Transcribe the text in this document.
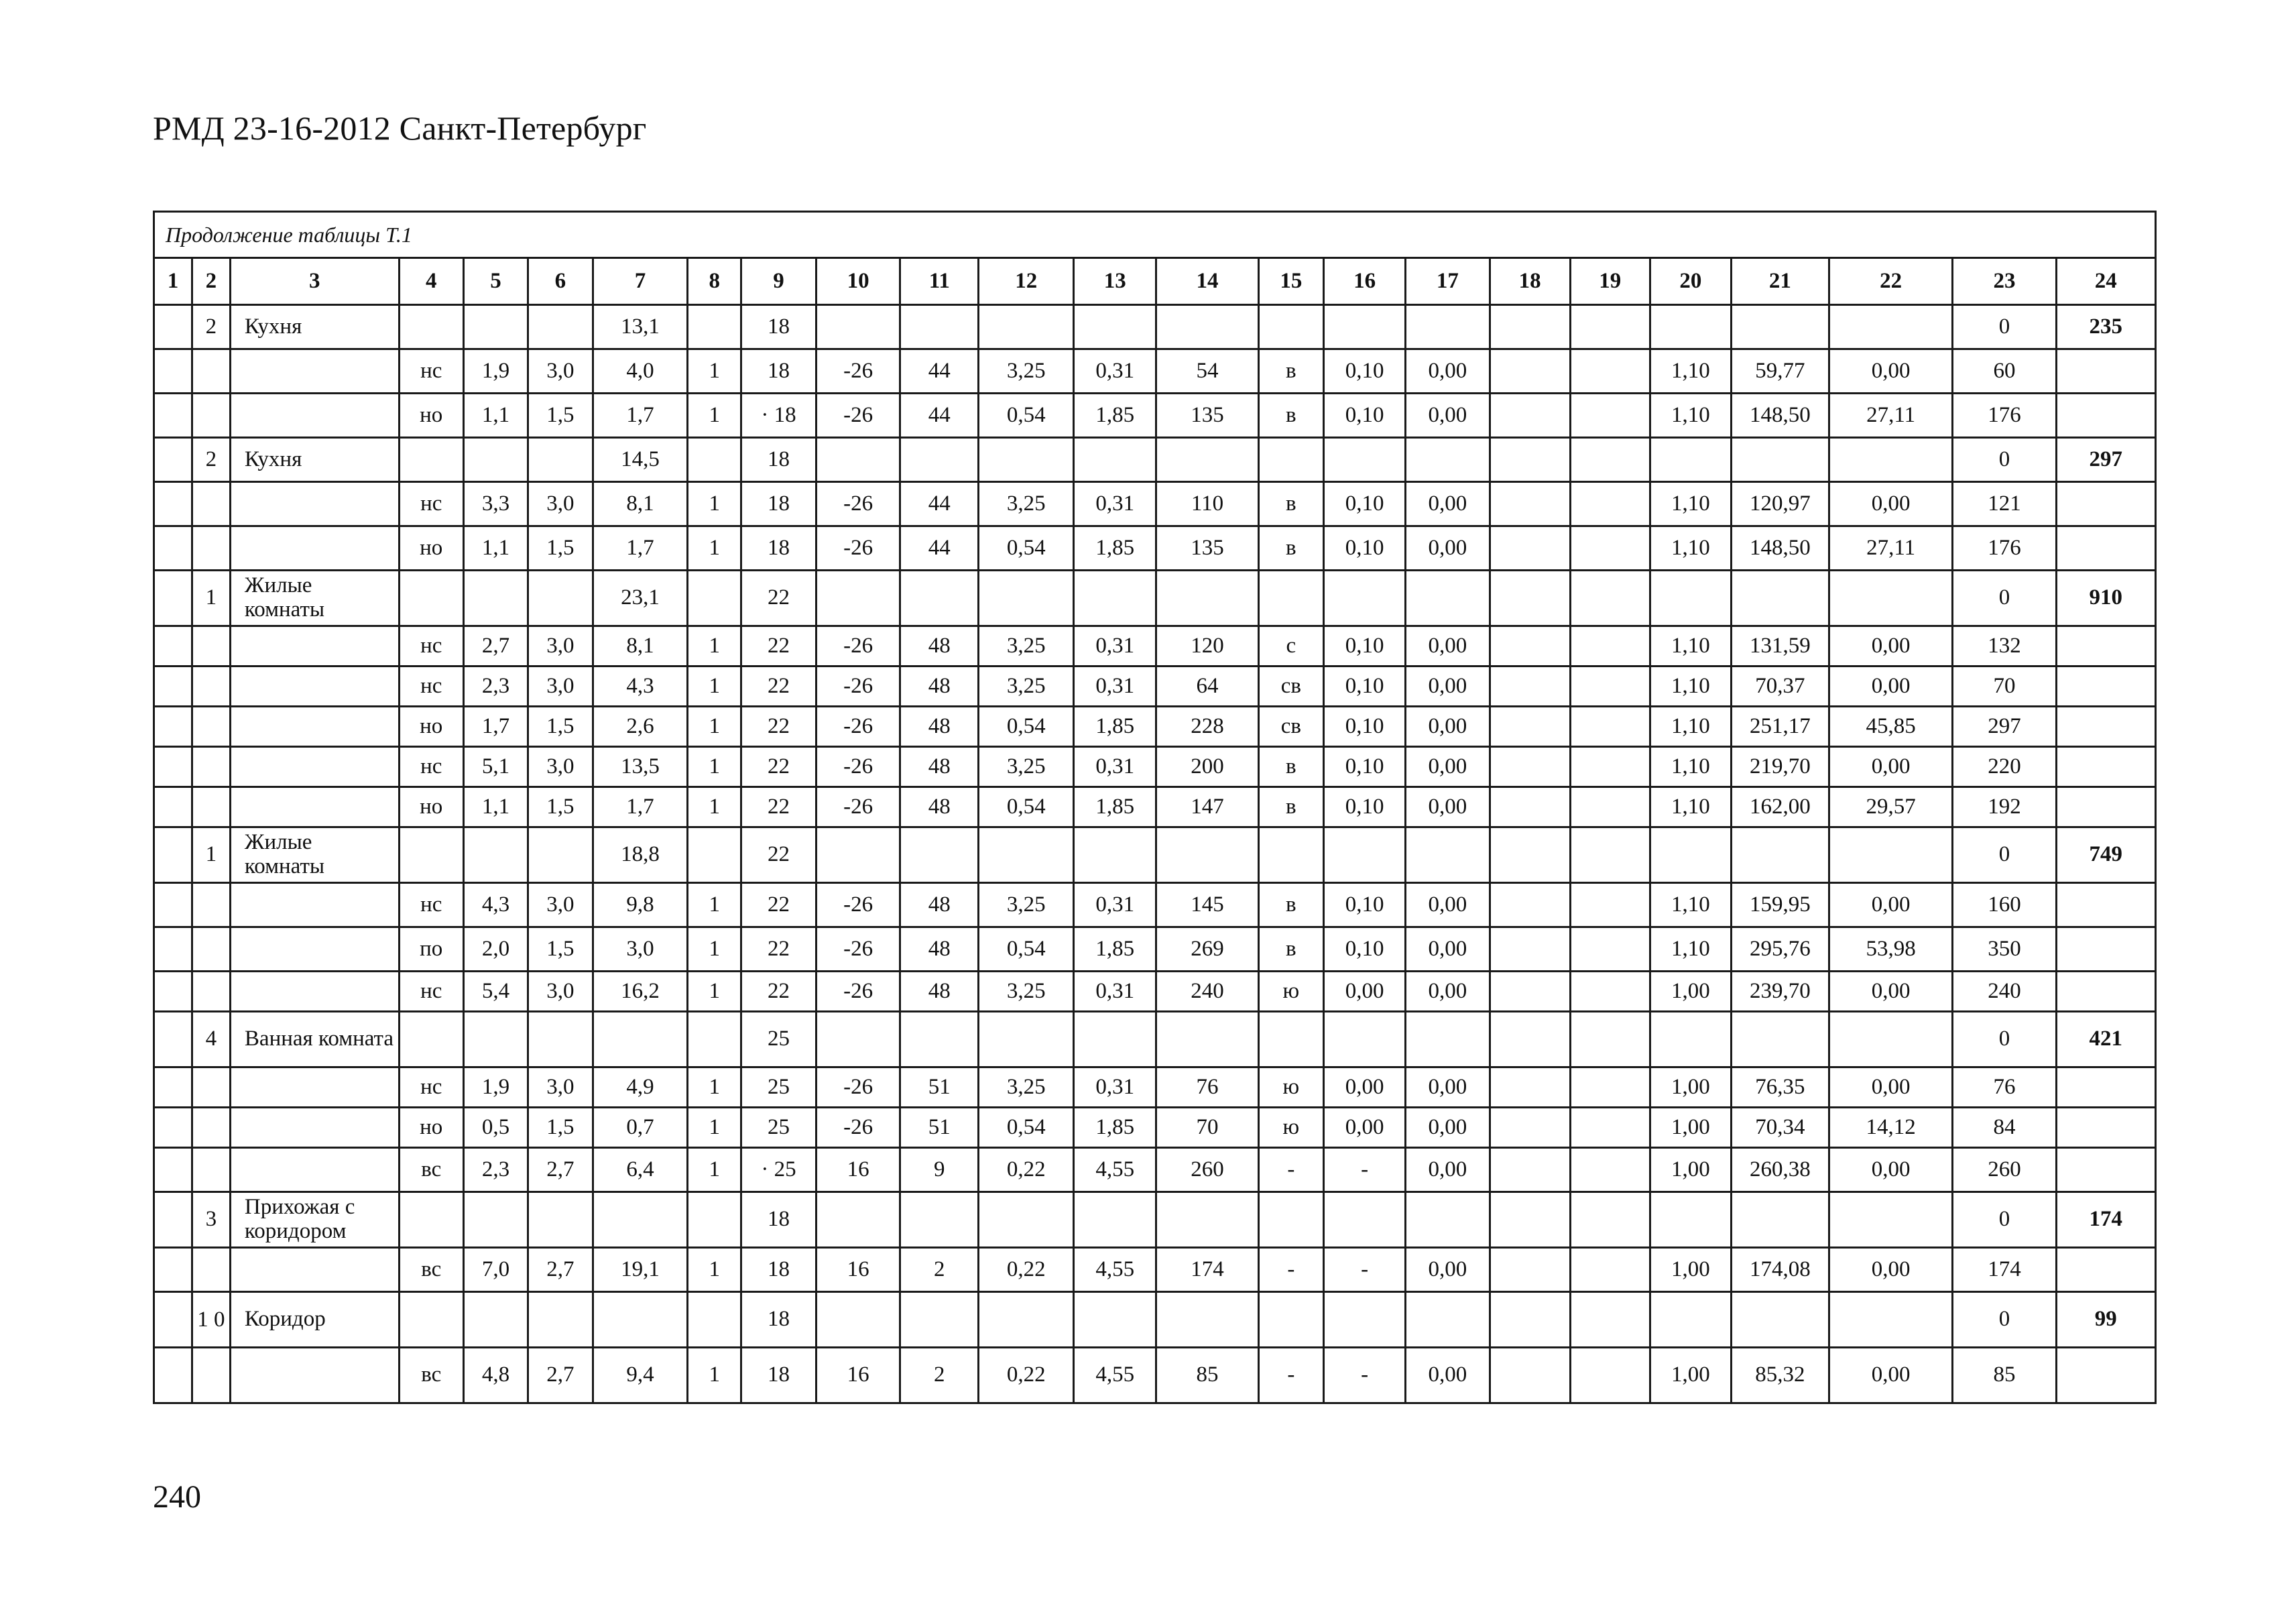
РМД 23-16-2012 Санкт-Петербург
Продолжение таблицы Т.1																							
1	2	3	4	5	6	7	8	9	10	11	12	13	14	15	16	17	18	19	20	21	22	23	24
	2	Кухня				13,1		18														0	235
			нс	1,9	3,0	4,0	1	18	-26	44	3,25	0,31	54	в	0,10	0,00			1,10	59,77	0,00	60	
			но	1,1	1,5	1,7	1	· 18	-26	44	0,54	1,85	135	в	0,10	0,00			1,10	148,50	27,11	176	
	2	Кухня				14,5		18														0	297
			нс	3,3	3,0	8,1	1	18	-26	44	3,25	0,31	110	в	0,10	0,00			1,10	120,97	0,00	121	
			но	1,1	1,5	1,7	1	18	-26	44	0,54	1,85	135	в	0,10	0,00			1,10	148,50	27,11	176	
	1	Жилые комнаты				23,1		22														0	910
			нс	2,7	3,0	8,1	1	22	-26	48	3,25	0,31	120	с	0,10	0,00			1,10	131,59	0,00	132	
			нс	2,3	3,0	4,3	1	22	-26	48	3,25	0,31	64	св	0,10	0,00			1,10	70,37	0,00	70	
			но	1,7	1,5	2,6	1	22	-26	48	0,54	1,85	228	св	0,10	0,00			1,10	251,17	45,85	297	
			нс	5,1	3,0	13,5	1	22	-26	48	3,25	0,31	200	в	0,10	0,00			1,10	219,70	0,00	220	
			но	1,1	1,5	1,7	1	22	-26	48	0,54	1,85	147	в	0,10	0,00			1,10	162,00	29,57	192	
	1	Жилые комнаты				18,8		22														0	749
			нс	4,3	3,0	9,8	1	22	-26	48	3,25	0,31	145	в	0,10	0,00			1,10	159,95	0,00	160	
			по	2,0	1,5	3,0	1	22	-26	48	0,54	1,85	269	в	0,10	0,00			1,10	295,76	53,98	350	
			нс	5,4	3,0	16,2	1	22	-26	48	3,25	0,31	240	ю	0,00	0,00			1,00	239,70	0,00	240	
	4	Ванная комната						25														0	421
			нс	1,9	3,0	4,9	1	25	-26	51	3,25	0,31	76	ю	0,00	0,00			1,00	76,35	0,00	76	
			но	0,5	1,5	0,7	1	25	-26	51	0,54	1,85	70	ю	0,00	0,00			1,00	70,34	14,12	84	
			вс	2,3	2,7	6,4	1	· 25	16	9	0,22	4,55	260	-	-	0,00			1,00	260,38	0,00	260	
	3	Прихожая с коридором						18														0	174
			вс	7,0	2,7	19,1	1	18	16	2	0,22	4,55	174	-	-	0,00			1,00	174,08	0,00	174	
	1 0	Коридор						18														0	99
			вс	4,8	2,7	9,4	1	18	16	2	0,22	4,55	85	-	-	0,00			1,00	85,32	0,00	85	
240
